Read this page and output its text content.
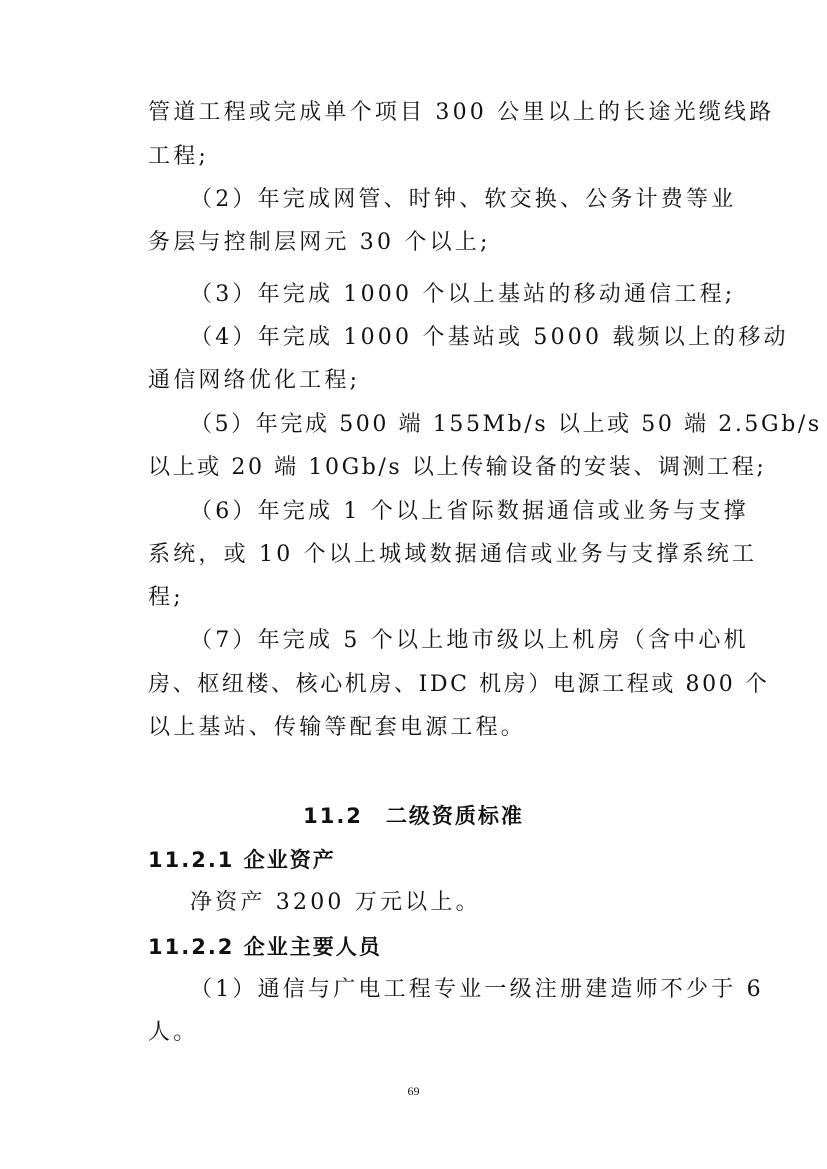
管道工程或完成单个项目 300 公里以上的长途光缆线路
工程;
（2）年完成网管、时钟、软交换、公务计费等业
务层与控制层网元 30 个以上;
（3）年完成 1000 个以上基站的移动通信工程;
（4）年完成 1000 个基站或 5000 载频以上的移动
通信网络优化工程;
（5）年完成 500 端 155Mb/s 以上或 50 端 2.5Gb/s
以上或 20 端 10Gb/s 以上传输设备的安装、调测工程;
（6）年完成 1 个以上省际数据通信或业务与支撑
系统，或 10 个以上城域数据通信或业务与支撑系统工
程;
（7）年完成 5 个以上地市级以上机房（含中心机
房、枢纽楼、核心机房、IDC 机房）电源工程或 800 个
以上基站、传输等配套电源工程。
11.2　二级资质标准
11.2.1 企业资产
净资产 3200 万元以上。
11.2.2 企业主要人员
（1）通信与广电工程专业一级注册建造师不少于 6
人。
69
